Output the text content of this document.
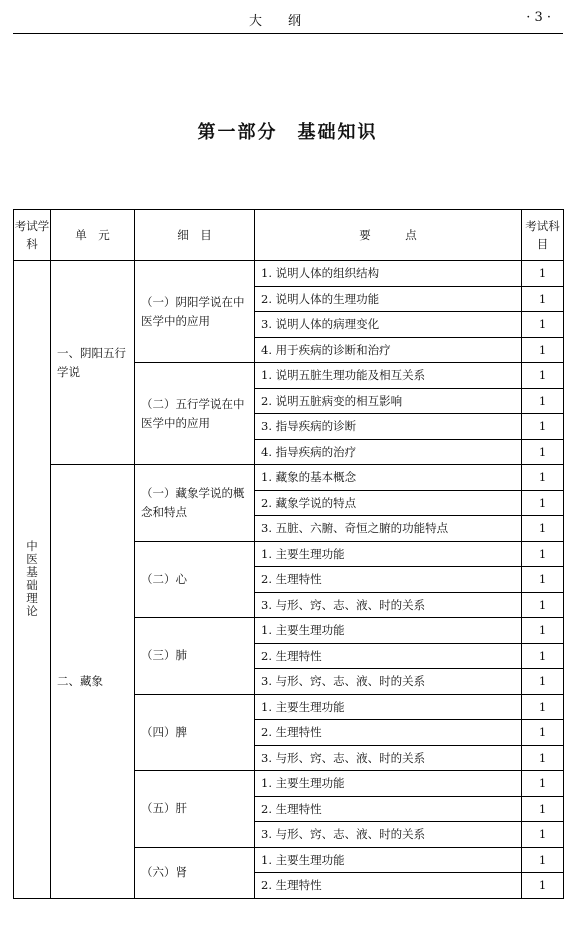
大纲	· 3 ·
第一部分　基础知识
考试学科	单　元	细　目	要　　　点	考试科目
中医基础理论	一、阴阳五行学说	（一）阴阳学说在中医学中的应用	1. 说明人体的组织结构	1
			2. 说明人体的生理功能	1
			3. 说明人体的病理变化	1
			4. 用于疾病的诊断和治疗	1
		（二）五行学说在中医学中的应用	1. 说明五脏生理功能及相互关系	1
			2. 说明五脏病变的相互影响	1
			3. 指导疾病的诊断	1
			4. 指导疾病的治疗	1
	二、藏象	（一）藏象学说的概念和特点	1. 藏象的基本概念	1
			2. 藏象学说的特点	1
			3. 五脏、六腑、奇恒之腑的功能特点	1
		（二）心	1. 主要生理功能	1
			2. 生理特性	1
			3. 与形、窍、志、液、时的关系	1
		（三）肺	1. 主要生理功能	1
			2. 生理特性	1
			3. 与形、窍、志、液、时的关系	1
		（四）脾	1. 主要生理功能	1
			2. 生理特性	1
			3. 与形、窍、志、液、时的关系	1
		（五）肝	1. 主要生理功能	1
			2. 生理特性	1
			3. 与形、窍、志、液、时的关系	1
		（六）肾	1. 主要生理功能	1
			2. 生理特性	1
